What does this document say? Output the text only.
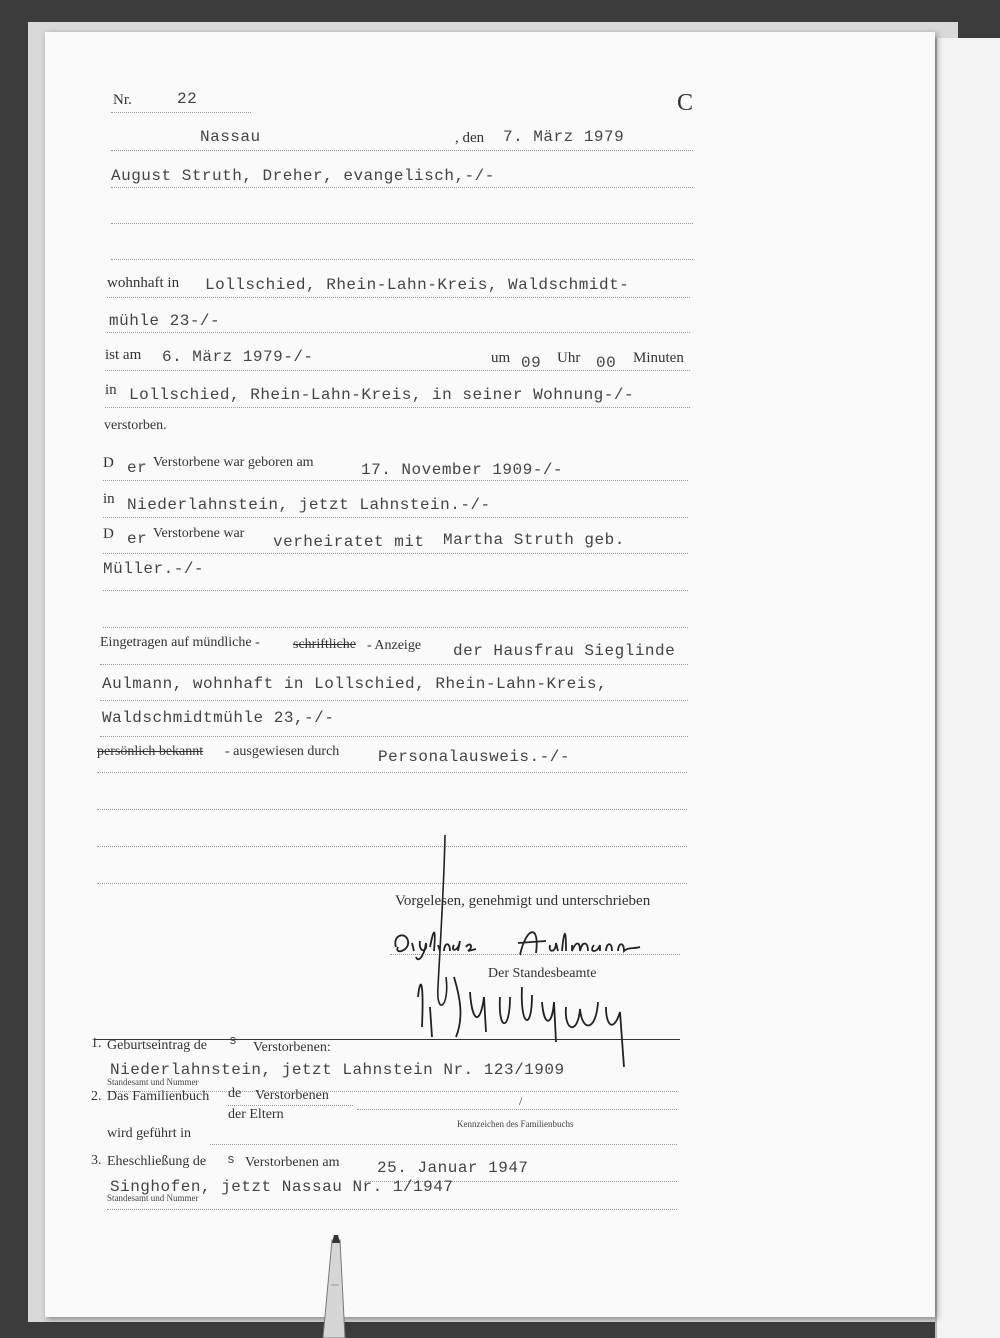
Nr.	22	C
Nassau	, den 7. März 1979
August Struth, Dreher, evangelisch,-/-
wohnhaft in Lollschied, Rhein-Lahn-Kreis, Waldschmidt-
mühle 23-/-
ist am 6. März 1979-/-	um 09 Uhr 00 Minuten
in Lollschied, Rhein-Lahn-Kreis, in seiner Wohnung-/-
verstorben.
D er Verstorbene war geboren am	17. November 1909-/-
in Niederlahnstein, jetzt Lahnstein.-/-
D er Verstorbene war verheiratet mit Martha Struth geb.
Müller.-/-
Eingetragen auf mündliche - schriftliche - Anzeige der Hausfrau Sieglinde
Aulmann, wohnhaft in Lollschied, Rhein-Lahn-Kreis,
Waldschmidtmühle 23,-/-
persönlich bekannt - ausgewiesen durch Personalausweis.-/-
Vorgelesen, genehmigt und unterschrieben
Der Standesbeamte
1. Geburtseintrag de s Verstorbenen:
Niederlahnstein, jetzt Lahnstein Nr. 123/1909
Standesamt und Nummer
2. Das Familienbuch de Verstorbenen
der Eltern
/
Kennzeichen des Familienbuchs
wird geführt in
3. Eheschließung de s Verstorbenen am 25. Januar 1947
Singhofen, jetzt Nassau Nr. 1/1947
Standesamt und Nummer
